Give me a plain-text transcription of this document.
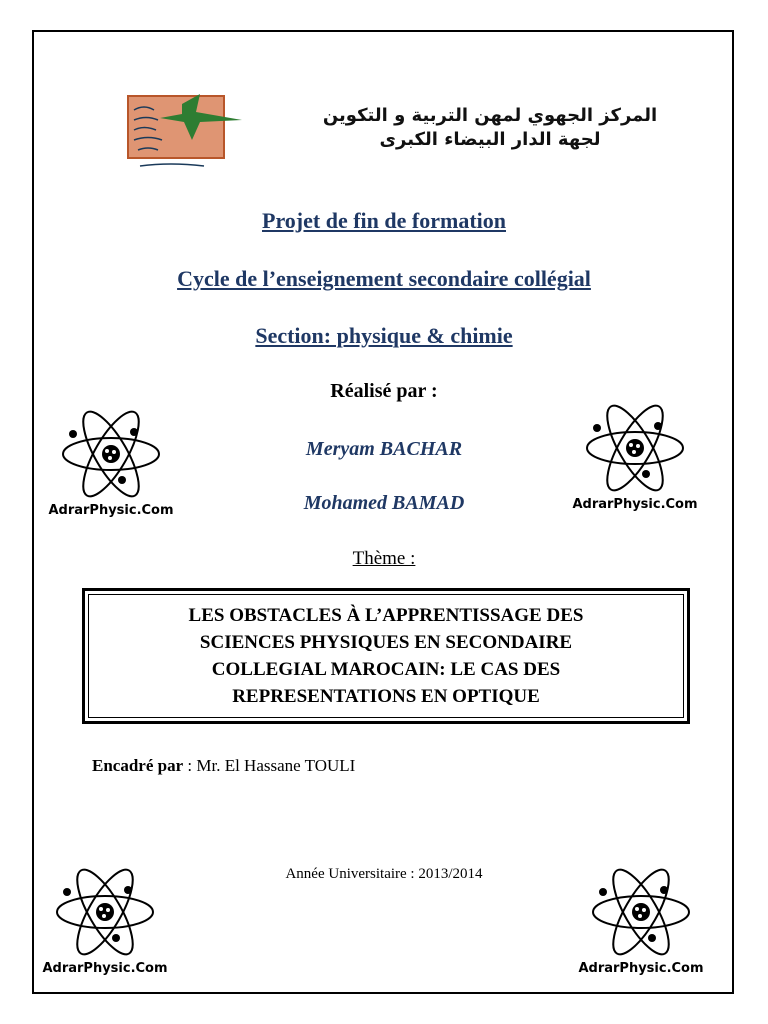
المركز الجهوي لمهن التربية و التكوين
لجهة الدار البيضاء الكبرى
Projet de fin de formation
Cycle de l’enseignement secondaire collégial
Section: physique & chimie
Réalisé par :
Meryam BACHAR
Mohamed BAMAD
Thème :
LES OBSTACLES À L’APPRENTISSAGE DES
SCIENCES PHYSIQUES EN SECONDAIRE
COLLEGIAL MAROCAIN: LE CAS DES
REPRESENTATIONS EN OPTIQUE
Encadré par : Mr. El Hassane TOULI
Année Universitaire : 2013/2014
AdrarPhysic.Com	AdrarPhysic.Com
AdrarPhysic.Com	AdrarPhysic.Com
